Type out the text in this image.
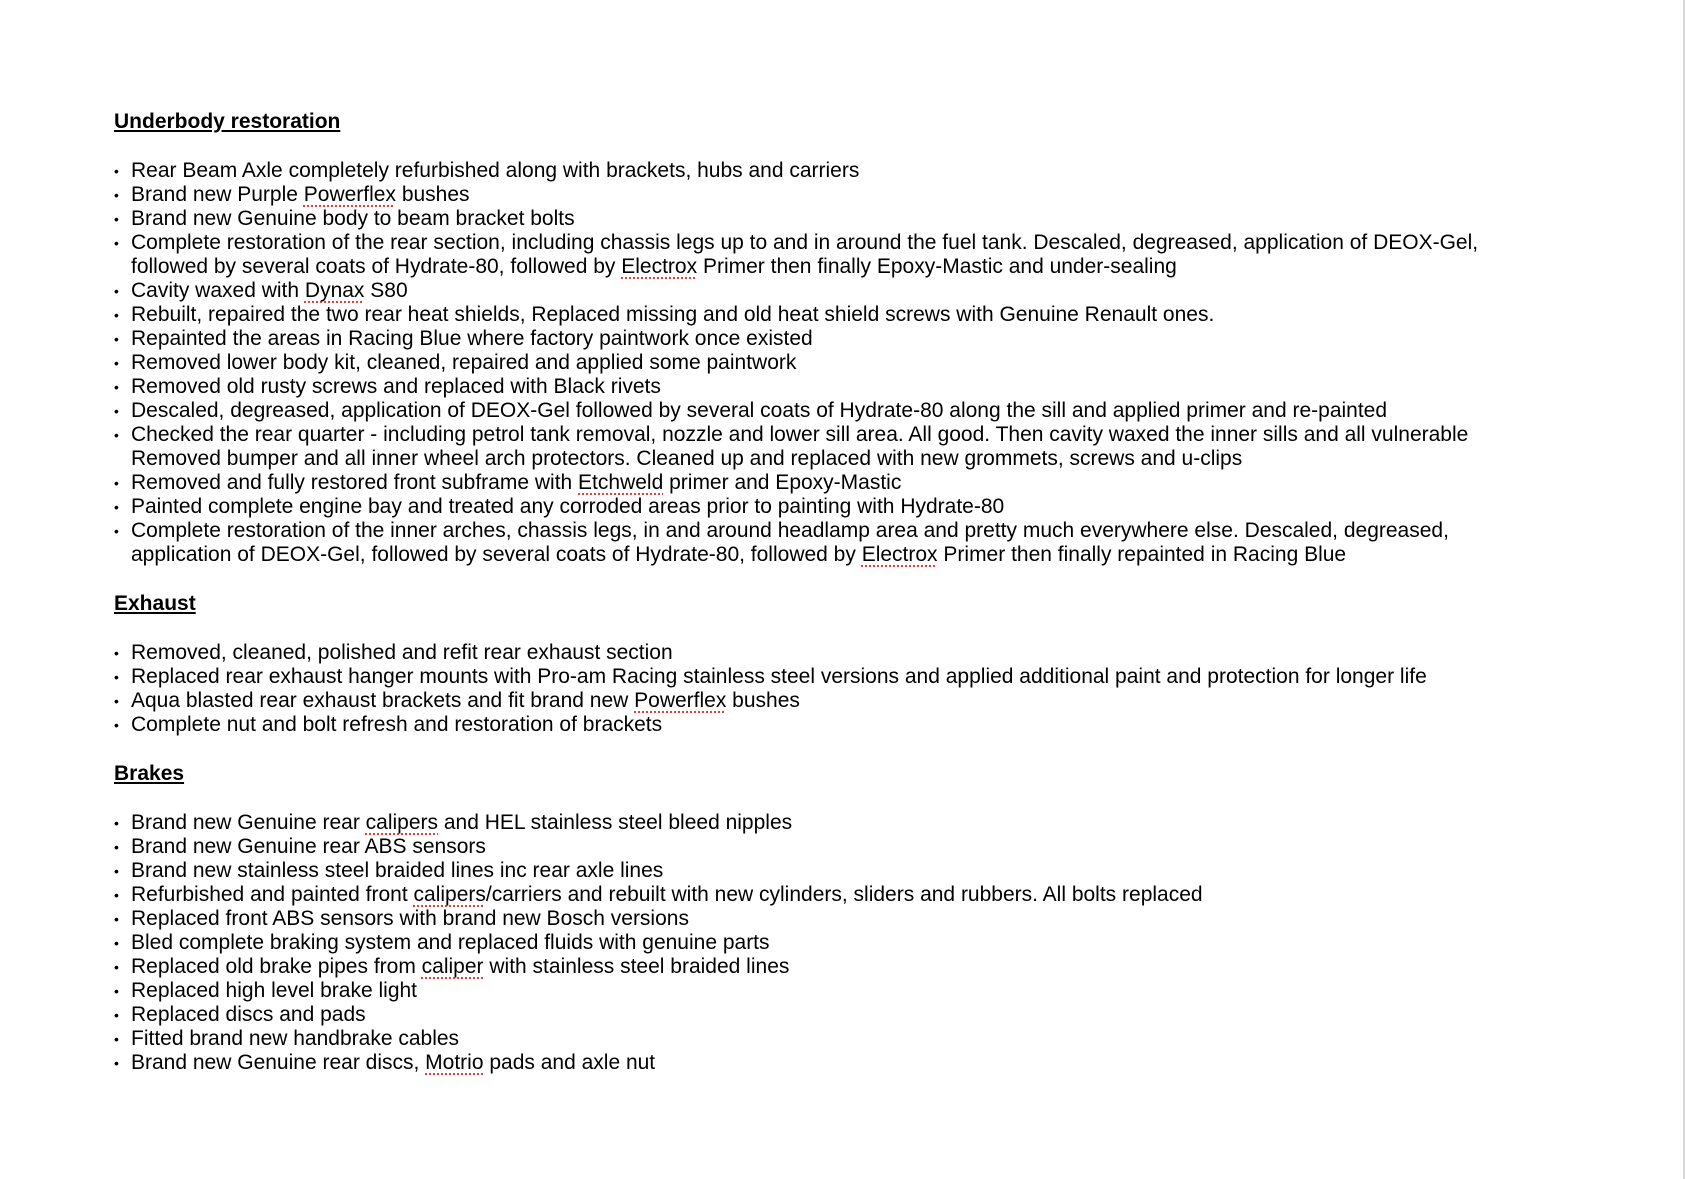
Underbody restoration
• Rear Beam Axle completely refurbished along with brackets, hubs and carriers
• Brand new Purple Powerflex bushes
• Brand new Genuine body to beam bracket bolts
• Complete restoration of the rear section, including chassis legs up to and in around the fuel tank. Descaled, degreased, application of DEOX-Gel,
followed by several coats of Hydrate-80, followed by Electrox Primer then finally Epoxy-Mastic and under-sealing
• Cavity waxed with Dynax S80
• Rebuilt, repaired the two rear heat shields, Replaced missing and old heat shield screws with Genuine Renault ones.
• Repainted the areas in Racing Blue where factory paintwork once existed
• Removed lower body kit, cleaned, repaired and applied some paintwork
• Removed old rusty screws and replaced with Black rivets
• Descaled, degreased, application of DEOX-Gel followed by several coats of Hydrate-80 along the sill and applied primer and re-painted
• Checked the rear quarter - including petrol tank removal, nozzle and lower sill area. All good. Then cavity waxed the inner sills and all vulnerable
Removed bumper and all inner wheel arch protectors. Cleaned up and replaced with new grommets, screws and u-clips
• Removed and fully restored front subframe with Etchweld primer and Epoxy-Mastic
• Painted complete engine bay and treated any corroded areas prior to painting with Hydrate-80
• Complete restoration of the inner arches, chassis legs, in and around headlamp area and pretty much everywhere else. Descaled, degreased,
application of DEOX-Gel, followed by several coats of Hydrate-80, followed by Electrox Primer then finally repainted in Racing Blue
Exhaust
• Removed, cleaned, polished and refit rear exhaust section
• Replaced rear exhaust hanger mounts with Pro-am Racing stainless steel versions and applied additional paint and protection for longer life
• Aqua blasted rear exhaust brackets and fit brand new Powerflex bushes
• Complete nut and bolt refresh and restoration of brackets
Brakes
• Brand new Genuine rear calipers and HEL stainless steel bleed nipples
• Brand new Genuine rear ABS sensors
• Brand new stainless steel braided lines inc rear axle lines
• Refurbished and painted front calipers/carriers and rebuilt with new cylinders, sliders and rubbers. All bolts replaced
• Replaced front ABS sensors with brand new Bosch versions
• Bled complete braking system and replaced fluids with genuine parts
• Replaced old brake pipes from caliper with stainless steel braided lines
• Replaced high level brake light
• Replaced discs and pads
• Fitted brand new handbrake cables
• Brand new Genuine rear discs, Motrio pads and axle nut
